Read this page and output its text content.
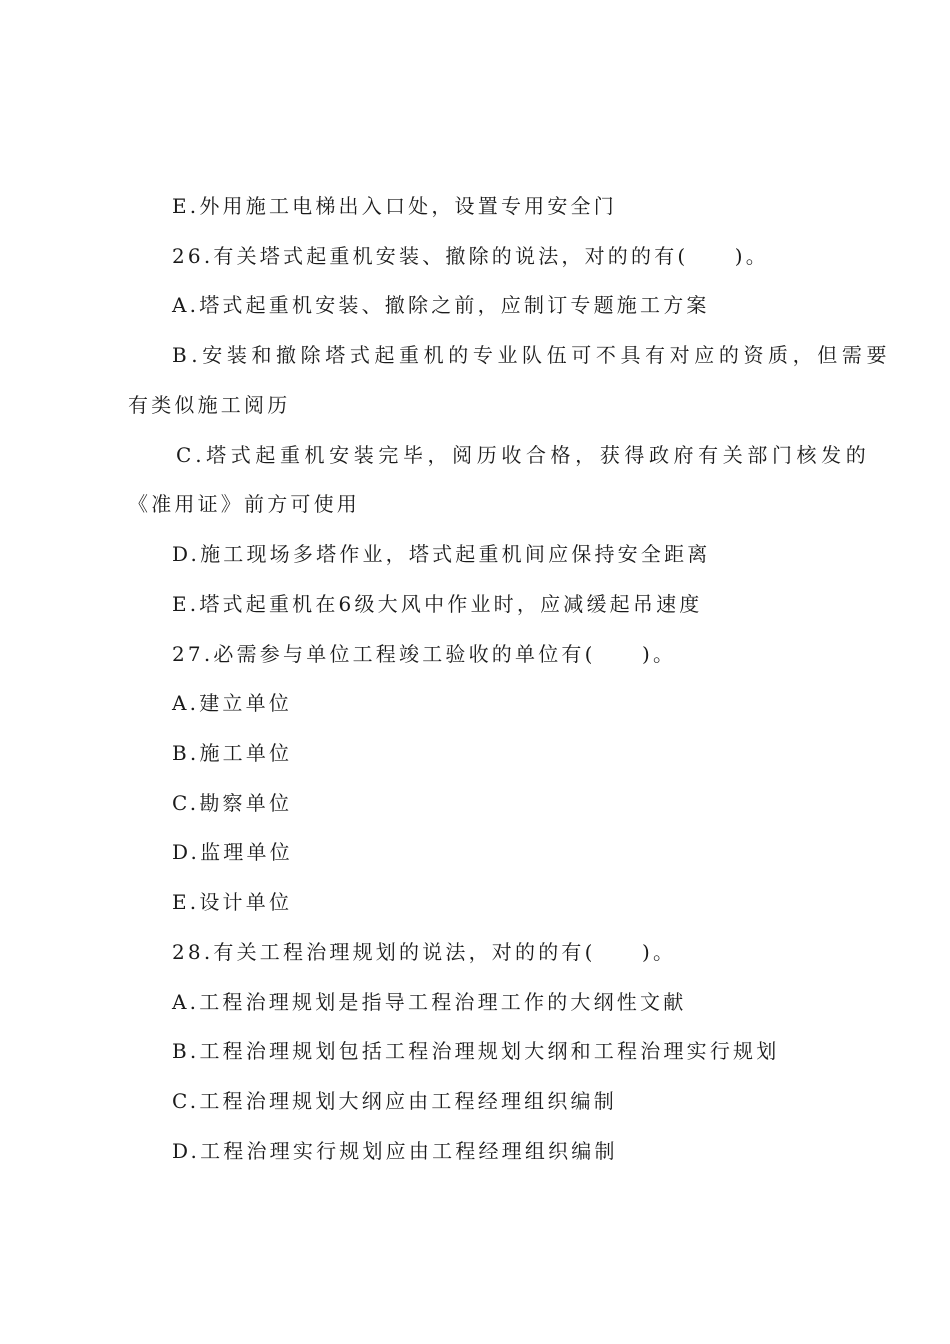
E.外用施工电梯出入口处，设置专用安全门
26.有关塔式起重机安装、撤除的说法，对的的有(　　)。
A.塔式起重机安装、撤除之前，应制订专题施工方案
B.安装和撤除塔式起重机的专业队伍可不具有对应的资质，但需要
有类似施工阅历
C.塔式起重机安装完毕，阅历收合格，获得政府有关部门核发的
《准用证》前方可使用
D.施工现场多塔作业，塔式起重机间应保持安全距离
E.塔式起重机在6级大风中作业时，应减缓起吊速度
27.必需参与单位工程竣工验收的单位有(　　)。
A.建立单位
B.施工单位
C.勘察单位
D.监理单位
E.设计单位
28.有关工程治理规划的说法，对的的有(　　)。
A.工程治理规划是指导工程治理工作的大纲性文献
B.工程治理规划包括工程治理规划大纲和工程治理实行规划
C.工程治理规划大纲应由工程经理组织编制
D.工程治理实行规划应由工程经理组织编制
